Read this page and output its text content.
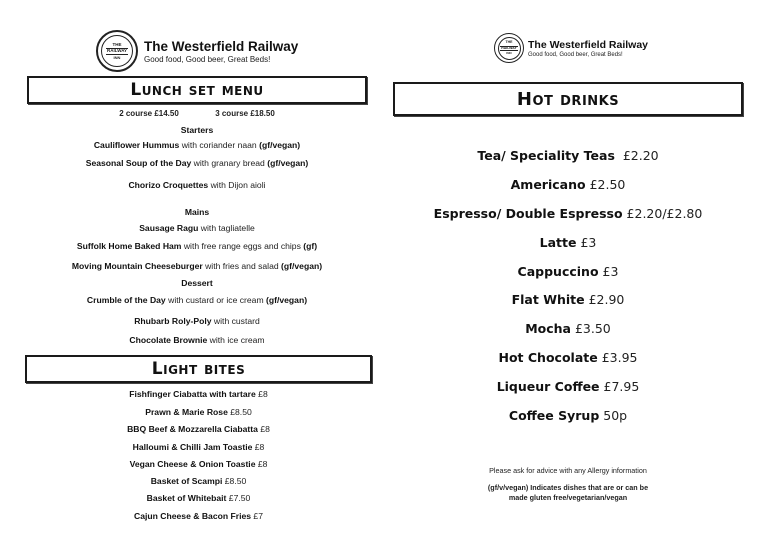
THE
RAILWAY
INN
The Westerfield Railway
Good food, Good beer, Great Beds!
Lunch set menu
2 course £14.50	3 course £18.50
Starters
Cauliflower Hummus with coriander naan (gf/vegan)
Seasonal Soup of the Day with granary bread (gf/vegan)
Chorizo Croquettes with Dijon aioli
Mains
Sausage Ragu with tagliatelle
Suffolk Home Baked Ham with free range eggs and chips (gf)
Moving Mountain Cheeseburger with fries and salad (gf/vegan)
Dessert
Crumble of the Day with custard or ice cream (gf/vegan)
Rhubarb Roly-Poly with custard
Chocolate Brownie with ice cream
Light bites
Fishfinger Ciabatta with tartare £8
Prawn & Marie Rose £8.50
BBQ Beef & Mozzarella Ciabatta £8
Halloumi & Chilli Jam Toastie £8
Vegan Cheese & Onion Toastie £8
Basket of Scampi £8.50
Basket of Whitebait £7.50
Cajun Cheese & Bacon Fries £7
THE
RAILWAY
INN
The Westerfield Railway
Good food, Good beer, Great Beds!
Hot drinks
Tea/ Speciality Teas  £2.20
Americano £2.50
Espresso/ Double Espresso £2.20/£2.80
Latte £3
Cappuccino £3
Flat White £2.90
Mocha £3.50
Hot Chocolate £3.95
Liqueur Coffee £7.95
Coffee Syrup 50p
Please ask for advice with any Allergy information
(gf/v/vegan) Indicates dishes that are or can be
made gluten free/vegetarian/vegan
